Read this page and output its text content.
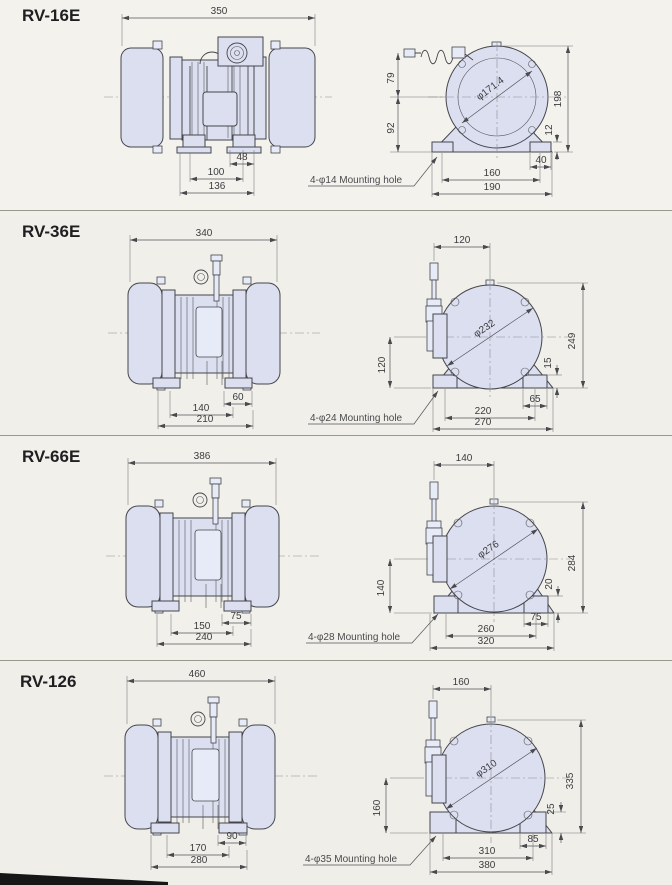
RV-16E	350
48
100
136
79
92
φ171.4	198
12
40
160
190
4-φ14 Mounting hole
RV-36E	340
60
140
210
120
120
φ232
249
15
65
220
270
4-φ24 Mounting hole
RV-66E	386
75
150
240
140
140
φ276
284
20
75
260
320
4-φ28 Mounting hole
RV-126	460
90
170
280
160
160
φ310
335
25
85
310
380
4-φ35 Mounting hole
